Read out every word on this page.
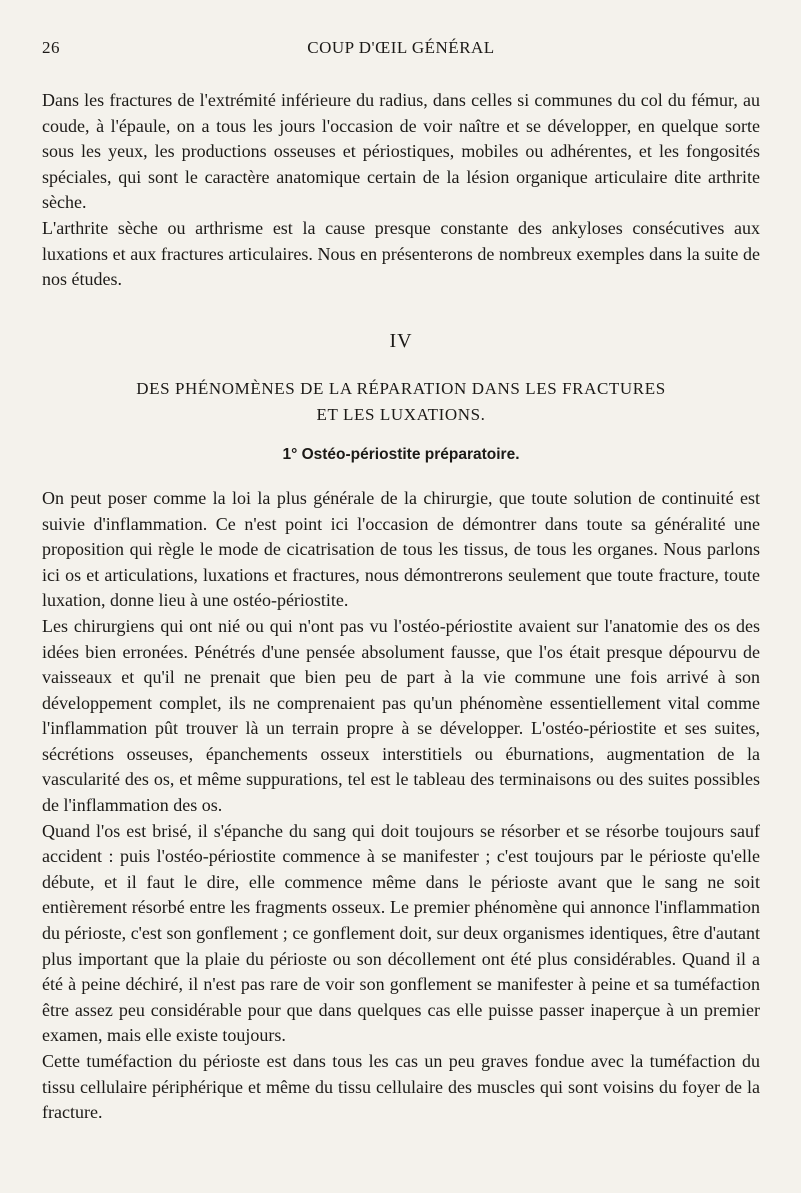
26	COUP D'ŒIL GÉNÉRAL

Dans les fractures de l'extrémité inférieure du radius, dans celles si communes du col du fémur, au coude, à l'épaule, on a tous les jours l'occasion de voir naître et se développer, en quelque sorte sous les yeux, les productions osseuses et périostiques, mobiles ou adhérentes, et les fongosités spéciales, qui sont le caractère anatomique certain de la lésion organique articulaire dite arthrite sèche.

L'arthrite sèche ou arthrisme est la cause presque constante des ankyloses consécutives aux luxations et aux fractures articulaires. Nous en présenterons de nombreux exemples dans la suite de nos études.

IV
DES PHÉNOMÈNES DE LA RÉPARATION DANS LES FRACTURES
ET LES LUXATIONS.
1° Ostéo-périostite préparatoire.

On peut poser comme la loi la plus générale de la chirurgie, que toute solution de continuité est suivie d'inflammation. Ce n'est point ici l'occasion de démontrer dans toute sa généralité une proposition qui règle le mode de cicatrisation de tous les tissus, de tous les organes. Nous parlons ici os et articulations, luxations et fractures, nous démontrerons seulement que toute fracture, toute luxation, donne lieu à une ostéo-périostite.

Les chirurgiens qui ont nié ou qui n'ont pas vu l'ostéo-périostite avaient sur l'anatomie des os des idées bien erronées. Pénétrés d'une pensée absolument fausse, que l'os était presque dépourvu de vaisseaux et qu'il ne prenait que bien peu de part à la vie commune une fois arrivé à son développement complet, ils ne comprenaient pas qu'un phénomène essentiellement vital comme l'inflammation pût trouver là un terrain propre à se développer. L'ostéo-périostite et ses suites, sécrétions osseuses, épanchements osseux interstitiels ou éburnations, augmentation de la vascularité des os, et même suppurations, tel est le tableau des terminaisons ou des suites possibles de l'inflammation des os.

Quand l'os est brisé, il s'épanche du sang qui doit toujours se résorber et se résorbe toujours sauf accident : puis l'ostéo-périostite commence à se manifester ; c'est toujours par le périoste qu'elle débute, et il faut le dire, elle commence même dans le périoste avant que le sang ne soit entièrement résorbé entre les fragments osseux. Le premier phénomène qui annonce l'inflammation du périoste, c'est son gonflement ; ce gonflement doit, sur deux organismes identiques, être d'autant plus important que la plaie du périoste ou son décollement ont été plus considérables. Quand il a été à peine déchiré, il n'est pas rare de voir son gonflement se manifester à peine et sa tuméfaction être assez peu considérable pour que dans quelques cas elle puisse passer inaperçue à un premier examen, mais elle existe toujours.

Cette tuméfaction du périoste est dans tous les cas un peu graves fondue avec la tuméfaction du tissu cellulaire périphérique et même du tissu cellulaire des muscles qui sont voisins du foyer de la fracture.
